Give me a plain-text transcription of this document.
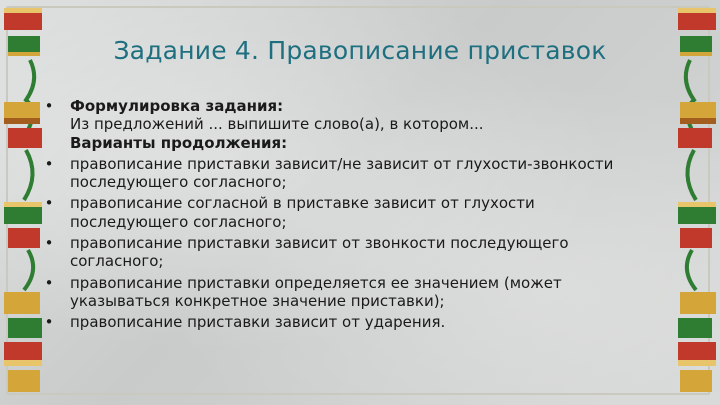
Задание 4. Правописание приставок
• Формулировка задания:
Из предложений ... выпишите слово(а), в котором...
Варианты продолжения:
• правописание приставки зависит/не зависит от глухости-звонкости
последующего согласного;
• правописание согласной в приставке зависит от глухости
последующего согласного;
• правописание приставки зависит от звонкости последующего
согласного;
• правописание приставки определяется ее значением (может
указываться конкретное значение приставки);
• правописание приставки зависит от ударения.
